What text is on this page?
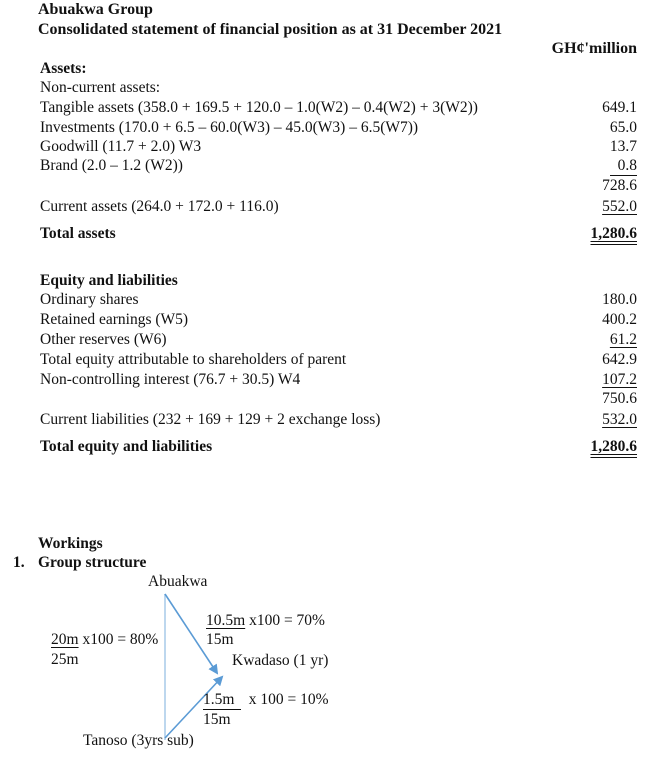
Abuakwa Group
Consolidated statement of financial position as at 31 December 2021
GH¢'million
Assets:
Non-current assets:
Tangible assets (358.0 + 169.5 + 120.0 – 1.0(W2) – 0.4(W2) + 3(W2))	649.1
Investments (170.0 + 6.5 – 60.0(W3) – 45.0(W3) – 6.5(W7))	65.0
Goodwill (11.7 + 2.0) W3	13.7
Brand (2.0 – 1.2 (W2))	0.8
728.6
Current assets (264.0 + 172.0 + 116.0)	552.0
Total assets	1,280.6
Equity and liabilities
Ordinary shares	180.0
Retained earnings (W5)	400.2
Other reserves (W6)	61.2
Total equity attributable to shareholders of parent	642.9
Non-controlling interest (76.7 + 30.5) W4	107.2
750.6
Current liabilities (232 + 169 + 129 + 2 exchange loss)	532.0
Total equity and liabilities	1,280.6
Workings
1. Group structure
Abuakwa
10.5m x100 = 70%
15m
20m x100 = 80%
25m	Kwadaso (1 yr)
1.5m  x 100 = 10%
15m
Tanoso (3yrs sub)
